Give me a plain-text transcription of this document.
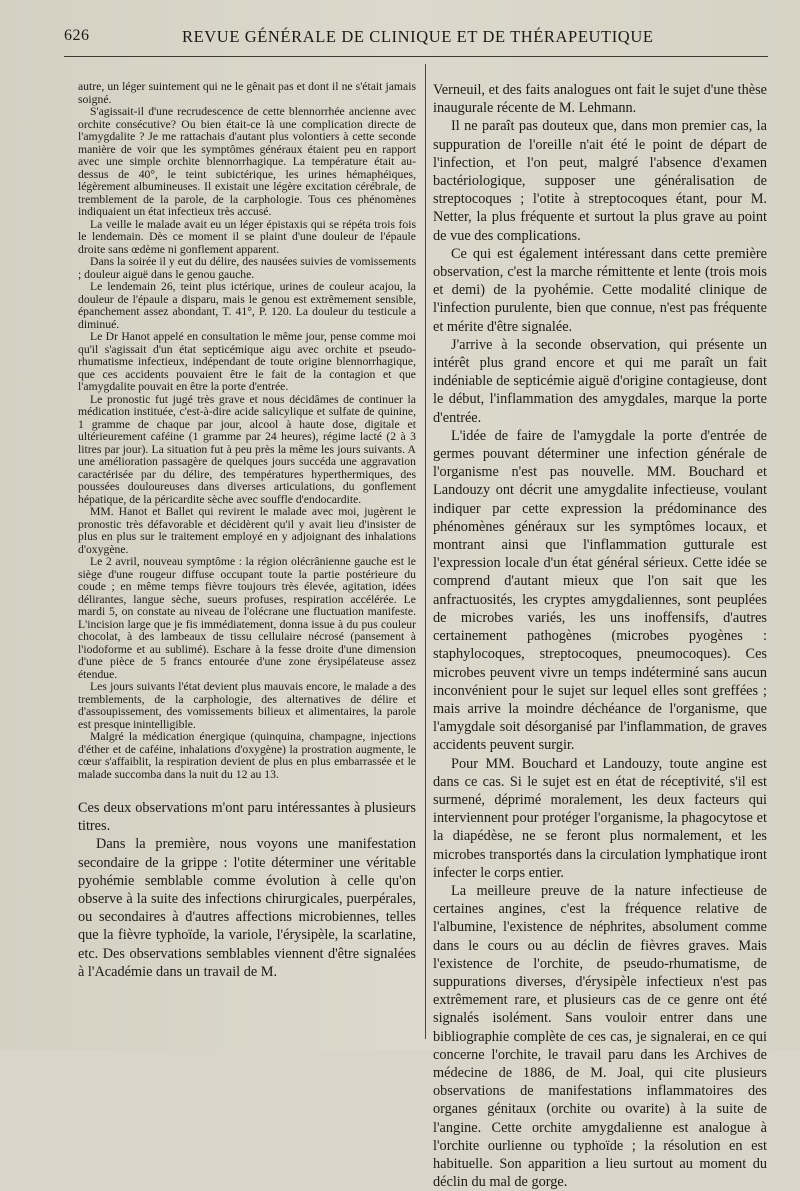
626	REVUE GÉNÉRALE DE CLINIQUE ET DE THÉRAPEUTIQUE

autre, un léger suintement qui ne le gênait pas et dont il ne s'était jamais soigné.

S'agissait-il d'une recrudescence de cette blennorrhée ancienne avec orchite consécutive? Ou bien était-ce là une complication directe de l'amygdalite ? Je me rattachais d'autant plus volontiers à cette seconde manière de voir que les symptômes généraux étaient peu en rapport avec une simple orchite blennorrhagique. La température était au-dessus de 40°, le teint subictérique, les urines hémaphéiques, légèrement albumineuses. Il existait une légère excitation cérébrale, de tremblement de la parole, de la carphologie. Tous ces phénomènes indiquaient un état infectieux très accusé.

La veille le malade avait eu un léger épistaxis qui se répéta trois fois le lendemain. Dès ce moment il se plaint d'une douleur de l'épaule droite sans œdème ni gonflement apparent.

Dans la soirée il y eut du délire, des nausées suivies de vomissements ; douleur aiguë dans le genou gauche.

Le lendemain 26, teint plus ictérique, urines de couleur acajou, la douleur de l'épaule a disparu, mais le genou est extrêmement sensible, épanchement assez abondant, T. 41°, P. 120. La douleur du testicule a diminué.

Le Dr Hanot appelé en consultation le même jour, pense comme moi qu'il s'agissait d'un état septicémique aigu avec orchite et pseudo-rhumatisme infectieux, indépendant de toute origine blennorrhagique, que ces accidents pouvaient être le fait de la contagion et que l'amygdalite pouvait en être la porte d'entrée.

Le pronostic fut jugé très grave et nous décidâmes de continuer la médication instituée, c'est-à-dire acide salicylique et sulfate de quinine, 1 gramme de chaque par jour, alcool à haute dose, digitale et ultérieurement caféine (1 gramme par 24 heures), régime lacté (2 à 3 litres par jour). La situation fut à peu près la même les jours suivants. A une amélioration passagère de quelques jours succéda une aggravation caractérisée par du délire, des températures hyperthermiques, des poussées douloureuses dans diverses articulations, du gonflement hépatique, de la péricardite sèche avec souffle d'endocardite.

MM. Hanot et Ballet qui revirent le malade avec moi, jugèrent le pronostic très défavorable et décidèrent qu'il y avait lieu d'insister de plus en plus sur le traitement employé en y adjoignant des inhalations d'oxygène.

Le 2 avril, nouveau symptôme : la région olécrânienne gauche est le siège d'une rougeur diffuse occupant toute la partie postérieure du coude ; en même temps fièvre toujours très élevée, agitation, idées délirantes, langue sèche, sueurs profuses, respiration accélérée. Le mardi 5, on constate au niveau de l'olécrane une fluctuation manifeste. L'incision large que je fis immédiatement, donna issue à du pus couleur chocolat, à des lambeaux de tissu cellulaire nécrosé (pansement à l'iodoforme et au sublimé). Eschare à la fesse droite d'une dimension d'une pièce de 5 francs entourée d'une zone érysipélateuse assez étendue.

Les jours suivants l'état devient plus mauvais encore, le malade a des tremblements, de la carphologie, des alternatives de délire et d'assoupissement, des vomissements bilieux et alimentaires, la parole est presque inintelligible.

Malgré la médication énergique (quinquina, champagne, injections d'éther et de caféine, inhalations d'oxygène) la prostration augmente, le cœur s'affaiblit, la respiration devient de plus en plus embarrassée et le malade succomba dans la nuit du 12 au 13.

Ces deux observations m'ont paru intéressantes à plusieurs titres.

Dans la première, nous voyons une manifestation secondaire de la grippe : l'otite déterminer une véritable pyohémie semblable comme évolution à celle qu'on observe à la suite des infections chirurgicales, puerpérales, ou secondaires à d'autres affections microbiennes, telles que la fièvre typhoïde, la variole, l'érysipèle, la scarlatine, etc. Des observations semblables viennent d'être signalées à l'Académie dans un travail de M.

Verneuil, et des faits analogues ont fait le sujet d'une thèse inaugurale récente de M. Lehmann.

Il ne paraît pas douteux que, dans mon premier cas, la suppuration de l'oreille n'ait été le point de départ de l'infection, et l'on peut, malgré l'absence d'examen bactériologique, supposer une généralisation de streptocoques ; l'otite à streptocoques étant, pour M. Netter, la plus fréquente et surtout la plus grave au point de vue des complications.

Ce qui est également intéressant dans cette première observation, c'est la marche rémittente et lente (trois mois et demi) de la pyohémie. Cette modalité clinique de l'infection purulente, bien que connue, n'est pas fréquente et mérite d'être signalée.

J'arrive à la seconde observation, qui présente un intérêt plus grand encore et qui me paraît un fait indéniable de septicémie aiguë d'origine contagieuse, dont le début, l'inflammation des amygdales, marque la porte d'entrée.

L'idée de faire de l'amygdale la porte d'entrée de germes pouvant déterminer une infection générale de l'organisme n'est pas nouvelle. MM. Bouchard et Landouzy ont décrit une amygdalite infectieuse, voulant indiquer par cette expression la prédominance des phénomènes généraux sur les symptômes locaux, et montrant ainsi que l'inflammation gutturale est l'expression locale d'un état général sérieux. Cette idée se comprend d'autant mieux que l'on sait que les anfractuosités, les cryptes amygdaliennes, sont peuplées de microbes variés, les uns inoffensifs, d'autres certainement pathogènes (microbes pyogènes : staphylocoques, streptocoques, pneumocoques). Ces microbes peuvent vivre un temps indéterminé sans aucun inconvénient pour le sujet sur lequel elles sont greffées ; mais arrive la moindre déchéance de l'organisme, que l'amygdale soit désorganisé par l'inflammation, de graves accidents peuvent surgir.

Pour MM. Bouchard et Landouzy, toute angine est dans ce cas. Si le sujet est en état de réceptivité, s'il est surmené, déprimé moralement, les deux facteurs qui interviennent pour protéger l'organisme, la phagocytose et la diapédèse, ne se feront plus normalement, et les microbes transportés dans la circulation lymphatique iront infecter le corps entier.

La meilleure preuve de la nature infectieuse de certaines angines, c'est la fréquence relative de l'albumine, l'existence de néphrites, absolument comme dans le cours ou au déclin de fièvres graves. Mais l'existence de l'orchite, de pseudo-rhumatisme, de suppurations diverses, d'érysipèle infectieux n'est pas extrêmement rare, et plusieurs cas de ce genre ont été signalés isolément. Sans vouloir entrer dans une bibliographie complète de ces cas, je signalerai, en ce qui concerne l'orchite, le travail paru dans les Archives de médecine de 1886, de M. Joal, qui cite plusieurs observations de manifestations inflammatoires des organes génitaux (orchite ou ovarite) à la suite de l'angine. Cette orchite amygdalienne est analogue à l'orchite ourlienne ou typhoïde ; la résolution en est habituelle. Son apparition a lieu surtout au moment du déclin du mal de gorge.
